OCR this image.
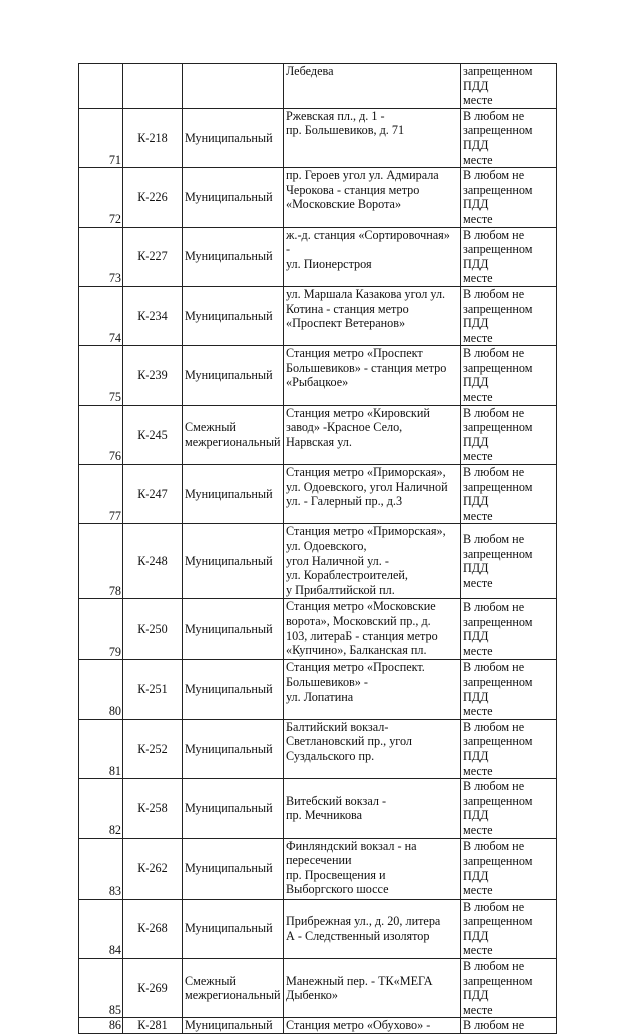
			Лебедева	запрещенном ПДД
месте
71	К-218	Муниципальный	Ржевская пл., д. 1 -
пр. Большевиков, д. 71	В любом не
запрещенном ПДД
месте
72	К-226	Муниципальный	пр. Героев угол ул. Адмирала
Черокова - станция метро
«Московские Ворота»	В любом не
запрещенном ПДД
месте
73	К-227	Муниципальный	ж.-д. станция «Сортировочная»
-
ул. Пионерстроя	В любом не
запрещенном ПДД
месте
74	К-234	Муниципальный	ул. Маршала Казакова угол ул.
Котина - станция метро
«Проспект Ветеранов»	В любом не
запрещенном ПДД
месте
75	К-239	Муниципальный	Станция метро «Проспект
Большевиков» - станция метро
«Рыбацкое»	В любом не
запрещенном ПДД
месте
76	К-245	Смежный
межрегиональный	Станция метро «Кировский
завод» -Красное Село,
Нарвская ул.	В любом не
запрещенном ПДД
месте
77	К-247	Муниципальный	Станция метро «Приморская»,
ул. Одоевского, угол Наличной
ул. - Галерный пр., д.3	В любом не
запрещенном ПДД
месте
78	К-248	Муниципальный	Станция метро «Приморская»,
ул. Одоевского,
угол Наличной ул. -
ул. Кораблестроителей,
у Прибалтийской пл.	В любом не
запрещенном ПДД
месте
79	К-250	Муниципальный	Станция метро «Московские
ворота», Московский пр., д.
103, литераБ - станция метро
«Купчино», Балканская пл.	В любом не
запрещенном ПДД
месте
80	К-251	Муниципальный	Станция метро «Проспект.
Большевиков» -
ул. Лопатина	В любом не
запрещенном ПДД
месте
81	К-252	Муниципальный	Балтийский вокзал-
Светлановский пр., угол
Суздальского пр.	В любом не
запрещенном ПДД
месте
82	К-258	Муниципальный	Витебский вокзал -
пр. Мечникова	В любом не
запрещенном ПДД
месте
83	К-262	Муниципальный	Финляндский вокзал - на
пересечении
пр. Просвещения и
Выборгского шоссе	В любом не
запрещенном ПДД
месте
84	К-268	Муниципальный	Прибрежная ул., д. 20, литера
А - Следственный изолятор	В любом не
запрещенном ПДД
месте
85	К-269	Смежный
межрегиональный	Манежный пер. - ТК«МЕГА
Дыбенко»	В любом не
запрещенном ПДД
месте
86	К-281	Муниципальный	Станция метро «Обухово» -	В любом не
